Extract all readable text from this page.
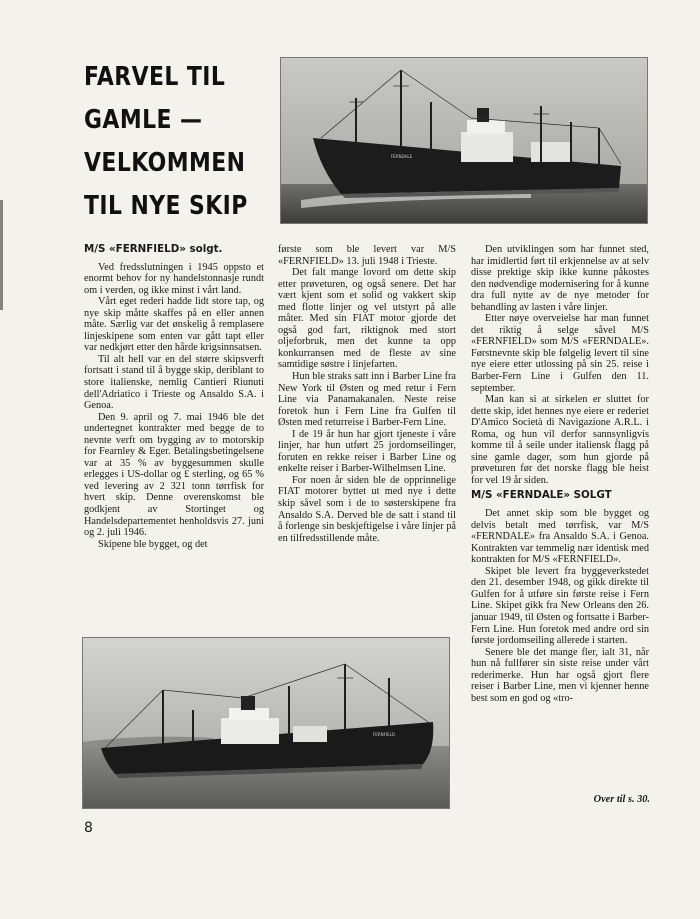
FARVEL TIL
GAMLE —
VELKOMMEN
TIL NYE SKIP
FERNDALE

M/S «FERNFIELD» solgt.

Ved fredsslutningen i 1945 oppsto et enormt behov for ny handelstonnasje rundt om i verden, og ikke minst i vårt land.

Vårt eget rederi hadde lidt store tap, og nye skip måtte skaffes på en eller annen måte. Særlig var det ønskelig å remplasere linjeskipene som enten var gått tapt eller var nedkjørt etter den hårde krigsinnsatsen.

Til alt hell var en del større skipsverft fortsatt i stand til å bygge skip, deriblant to store italienske, nemlig Cantieri Riunuti dell'Adriatico i Trieste og Ansaldo S.A. i Genoa.

Den 9. april og 7. mai 1946 ble det undertegnet kontrakter med begge de to nevnte verft om bygging av to motorskip for Fearnley & Eger. Betalingsbetingelsene var at 35 % av byggesummen skulle erlegges i US-dollar og £ sterling, og 65 % ved levering av 2 321 tonn tørrfisk for hvert skip. Denne overenskomst ble godkjent av Stortinget og Handelsdepartementet henholdsvis 27. juni og 2. juli 1946.

Skipene ble bygget, og det

første som ble levert var M/S «FERNFIELD» 13. juli 1948 i Trieste.

Det falt mange lovord om dette skip etter prøveturen, og også senere. Det har vært kjent som et solid og vakkert skip med flotte linjer og vel utstyrt på alle måter. Med sin FIAT motor gjorde det også god fart, riktignok med stort oljeforbruk, men det kunne ta opp konkurransen med de fleste av sine samtidige søstre i linjefarten.

Hun ble straks satt inn i Barber Line fra New York til Østen og med retur i Fern Line via Panamakanalen. Neste reise foretok hun i Fern Line fra Gulfen til Østen med returreise i Barber-Fern Line.

I de 19 år hun har gjort tjeneste i våre linjer, har hun utført 25 jordomseilinger, foruten en rekke reiser i Barber Line og enkelte reiser i Barber-Wilhelmsen Line.

For noen år siden ble de opprinnelige FIAT motorer byttet ut med nye i dette skip såvel som i de to søsterskipene fra Ansaldo S.A. Derved ble de satt i stand til å forlenge sin beskjeftigelse i våre linjer på en tilfredsstillende måte.

Den utviklingen som har funnet sted, har imidlertid ført til erkjennelse av at selv disse prektige skip ikke kunne påkostes den nødvendige modernisering for å kunne dra full nytte av de nye metoder for behandling av lasten i våre linjer.

Etter nøye overveielse har man funnet det riktig å selge såvel M/S «FERNFIELD» som M/S «FERNDALE». Førstnevnte skip ble følgelig levert til sine nye eiere etter utlossing på sin 25. reise i Barber-Fern Line i Gulfen den 11. september.

Man kan si at sirkelen er sluttet for dette skip, idet hennes nye eiere er rederiet D'Amico Società di Navigazione A.R.L. i Roma, og hun vil derfor sannsynligvis komme til å seile under italiensk flagg på sine gamle dager, som hun gjorde på prøveturen før det norske flagg ble heist for vel 19 år siden.

M/S «FERNDALE» SOLGT

Det annet skip som ble bygget og delvis betalt med tørrfisk, var M/S «FERNDALE» fra Ansaldo S.A. i Genoa. Kontrakten var temmelig nær identisk med kontrakten for M/S «FERNFIELD».

Skipet ble levert fra byggeverkstedet den 21. desember 1948, og gikk direkte til Gulfen for å utføre sin første reise i Fern Line. Skipet gikk fra New Orleans den 26. januar 1949, til Østen og fortsatte i Barber-Fern Line. Hun foretok med andre ord sin første jordomseiling allerede i starten.

Senere ble det mange fler, ialt 31, når hun nå fullfører sin siste reise under vårt rederimerke. Hun har også gjort flere reiser i Barber Line, men vi kjenner henne best som en god og «tro-

FERNFIELD
Over til s. 30.
8
